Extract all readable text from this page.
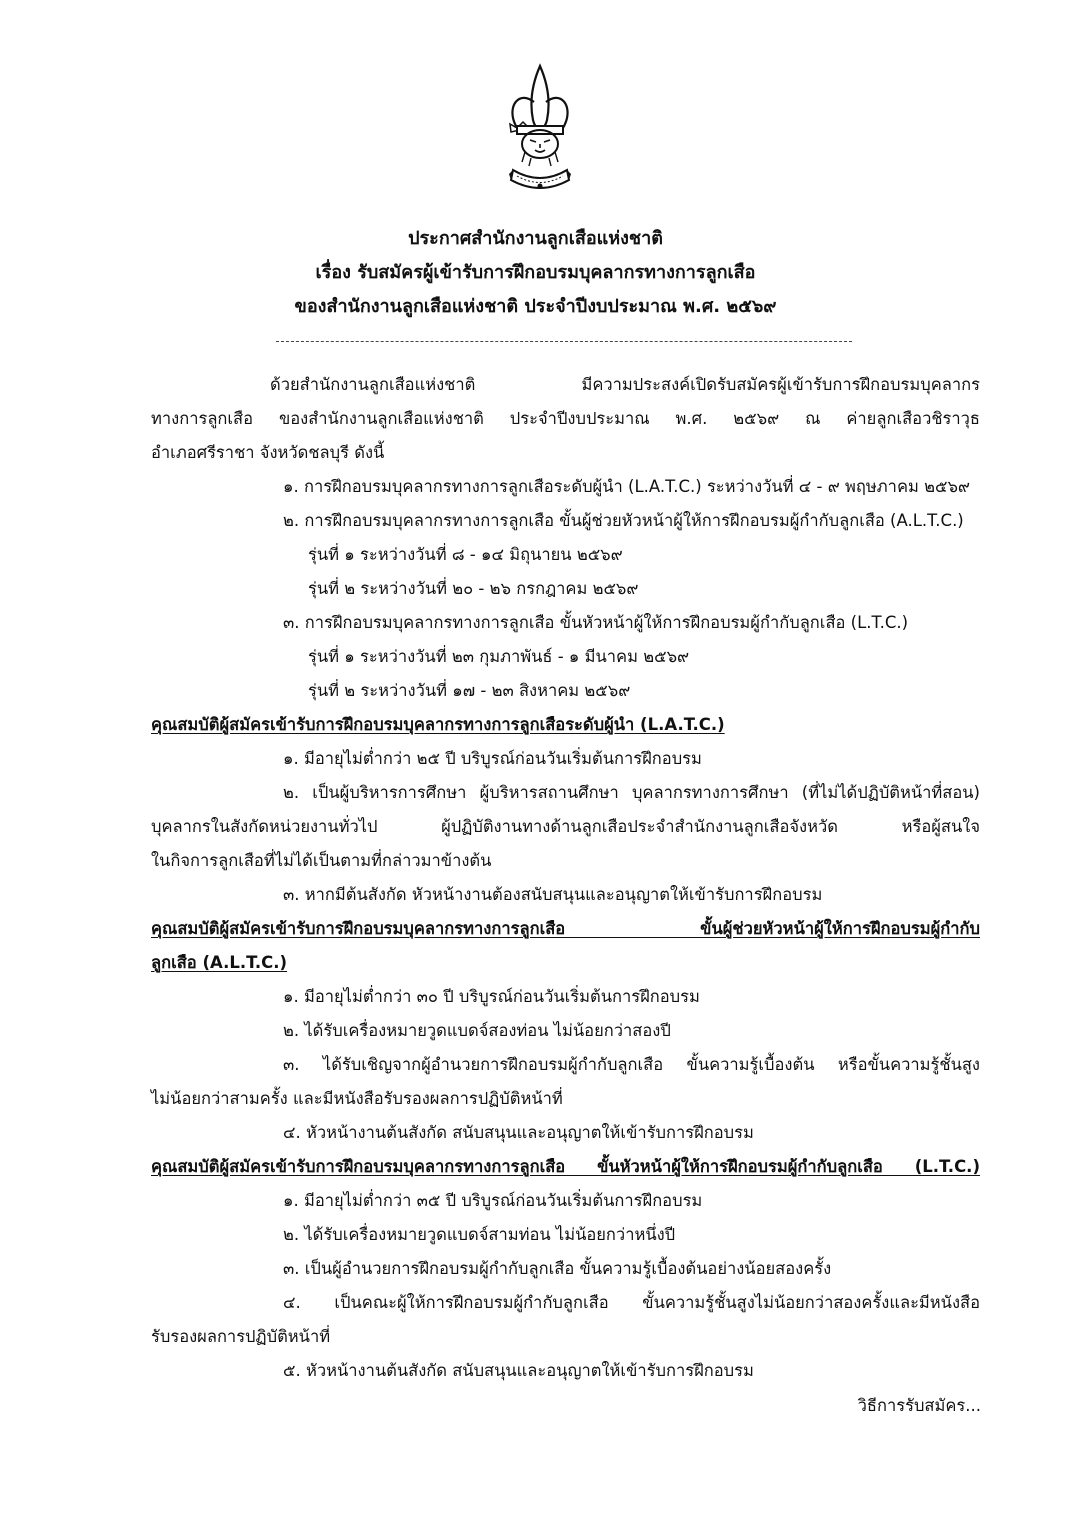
ประกาศสำนักงานลูกเสือแห่งชาติ
เรื่อง รับสมัครผู้เข้ารับการฝึกอบรมบุคลากรทางการลูกเสือ
ของสำนักงานลูกเสือแห่งชาติ ประจำปีงบประมาณ พ.ศ. ๒๕๖๙
ด้วยสำนักงานลูกเสือแห่งชาติ มีความประสงค์เปิดรับสมัครผู้เข้ารับการฝึกอบรมบุคลากร
ทางการลูกเสือ ของสำนักงานลูกเสือแห่งชาติ ประจำปีงบประมาณ พ.ศ. ๒๕๖๙ ณ ค่ายลูกเสือวชิราวุธ
อำเภอศรีราชา จังหวัดชลบุรี ดังนี้
๑. การฝึกอบรมบุคลากรทางการลูกเสือระดับผู้นำ (L.A.T.C.) ระหว่างวันที่ ๔ - ๙ พฤษภาคม ๒๕๖๙
๒. การฝึกอบรมบุคลากรทางการลูกเสือ ขั้นผู้ช่วยหัวหน้าผู้ให้การฝึกอบรมผู้กำกับลูกเสือ (A.L.T.C.)
รุ่นที่ ๑ ระหว่างวันที่ ๘ - ๑๔ มิถุนายน ๒๕๖๙
รุ่นที่ ๒ ระหว่างวันที่ ๒๐ - ๒๖ กรกฎาคม ๒๕๖๙
๓. การฝึกอบรมบุคลากรทางการลูกเสือ ขั้นหัวหน้าผู้ให้การฝึกอบรมผู้กำกับลูกเสือ (L.T.C.)
รุ่นที่ ๑ ระหว่างวันที่ ๒๓ กุมภาพันธ์ - ๑ มีนาคม ๒๕๖๙
รุ่นที่ ๒ ระหว่างวันที่ ๑๗ - ๒๓ สิงหาคม ๒๕๖๙
คุณสมบัติผู้สมัครเข้ารับการฝึกอบรมบุคลากรทางการลูกเสือระดับผู้นำ (L.A.T.C.)
๑. มีอายุไม่ต่ำกว่า ๒๕ ปี บริบูรณ์ก่อนวันเริ่มต้นการฝึกอบรม
๒. เป็นผู้บริหารการศึกษา ผู้บริหารสถานศึกษา บุคลากรทางการศึกษา (ที่ไม่ได้ปฏิบัติหน้าที่สอน)
บุคลากรในสังกัดหน่วยงานทั่วไป ผู้ปฏิบัติงานทางด้านลูกเสือประจำสำนักงานลูกเสือจังหวัด หรือผู้สนใจ
ในกิจการลูกเสือที่ไม่ได้เป็นตามที่กล่าวมาข้างต้น
๓. หากมีต้นสังกัด หัวหน้างานต้องสนับสนุนและอนุญาตให้เข้ารับการฝึกอบรม
คุณสมบัติผู้สมัครเข้ารับการฝึกอบรมบุคลากรทางการลูกเสือ ขั้นผู้ช่วยหัวหน้าผู้ให้การฝึกอบรมผู้กำกับ
ลูกเสือ (A.L.T.C.)
๑. มีอายุไม่ต่ำกว่า ๓๐ ปี บริบูรณ์ก่อนวันเริ่มต้นการฝึกอบรม
๒. ได้รับเครื่องหมายวูดแบดจ์สองท่อน ไม่น้อยกว่าสองปี
๓. ได้รับเชิญจากผู้อำนวยการฝึกอบรมผู้กำกับลูกเสือ ขั้นความรู้เบื้องต้น หรือขั้นความรู้ชั้นสูง
ไม่น้อยกว่าสามครั้ง และมีหนังสือรับรองผลการปฏิบัติหน้าที่
๔. หัวหน้างานต้นสังกัด สนับสนุนและอนุญาตให้เข้ารับการฝึกอบรม
คุณสมบัติผู้สมัครเข้ารับการฝึกอบรมบุคลากรทางการลูกเสือ ขั้นหัวหน้าผู้ให้การฝึกอบรมผู้กำกับลูกเสือ (L.T.C.)
๑. มีอายุไม่ต่ำกว่า ๓๕ ปี บริบูรณ์ก่อนวันเริ่มต้นการฝึกอบรม
๒. ได้รับเครื่องหมายวูดแบดจ์สามท่อน ไม่น้อยกว่าหนึ่งปี
๓. เป็นผู้อำนวยการฝึกอบรมผู้กำกับลูกเสือ ขั้นความรู้เบื้องต้นอย่างน้อยสองครั้ง
๔. เป็นคณะผู้ให้การฝึกอบรมผู้กำกับลูกเสือ ขั้นความรู้ชั้นสูงไม่น้อยกว่าสองครั้งและมีหนังสือ
รับรองผลการปฏิบัติหน้าที่
๕. หัวหน้างานต้นสังกัด สนับสนุนและอนุญาตให้เข้ารับการฝึกอบรม
วิธีการรับสมัคร...
